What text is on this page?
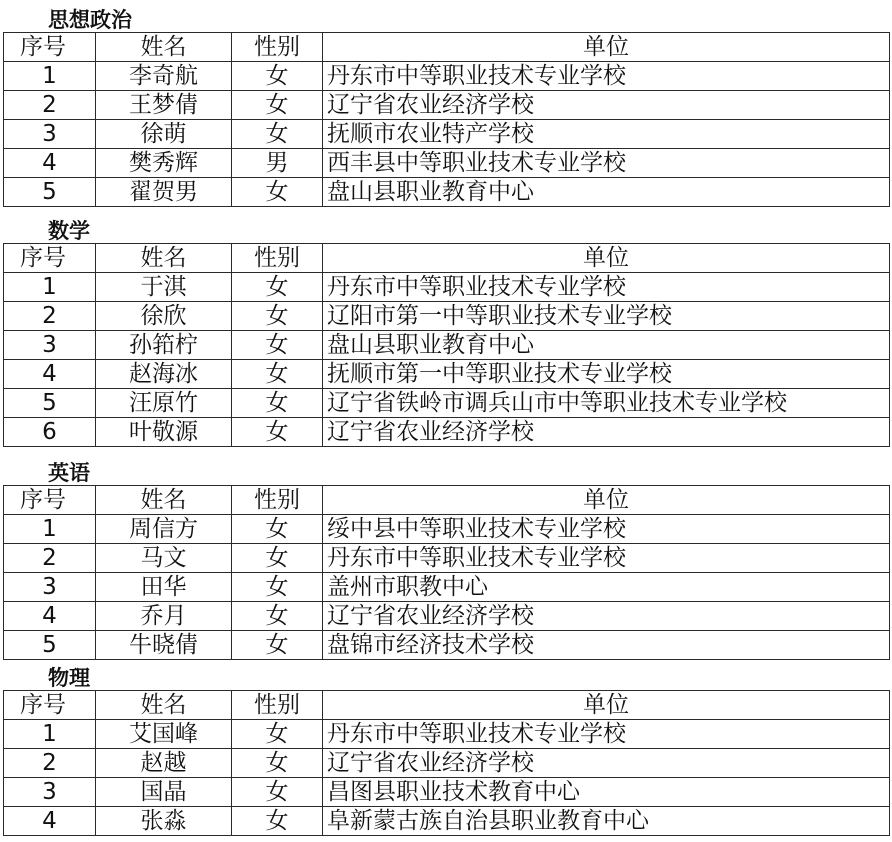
思想政治
序号	姓名	性别	单位
1	李奇航	女	丹东市中等职业技术专业学校
2	王梦倩	女	辽宁省农业经济学校
3	徐萌	女	抚顺市农业特产学校
4	樊秀辉	男	西丰县中等职业技术专业学校
5	翟贺男	女	盘山县职业教育中心
数学
序号	姓名	性别	单位
1	于淇	女	丹东市中等职业技术专业学校
2	徐欣	女	辽阳市第一中等职业技术专业学校
3	孙筘柠	女	盘山县职业教育中心
4	赵海冰	女	抚顺市第一中等职业技术专业学校
5	汪原竹	女	辽宁省铁岭市调兵山市中等职业技术专业学校
6	叶敬源	女	辽宁省农业经济学校
英语
序号	姓名	性别	单位
1	周信方	女	绥中县中等职业技术专业学校
2	马文	女	丹东市中等职业技术专业学校
3	田华	女	盖州市职教中心
4	乔月	女	辽宁省农业经济学校
5	牛晓倩	女	盘锦市经济技术学校
物理
序号	姓名	性别	单位
1	艾国峰	女	丹东市中等职业技术专业学校
2	赵越	女	辽宁省农业经济学校
3	国晶	女	昌图县职业技术教育中心
4	张淼	女	阜新蒙古族自治县职业教育中心
